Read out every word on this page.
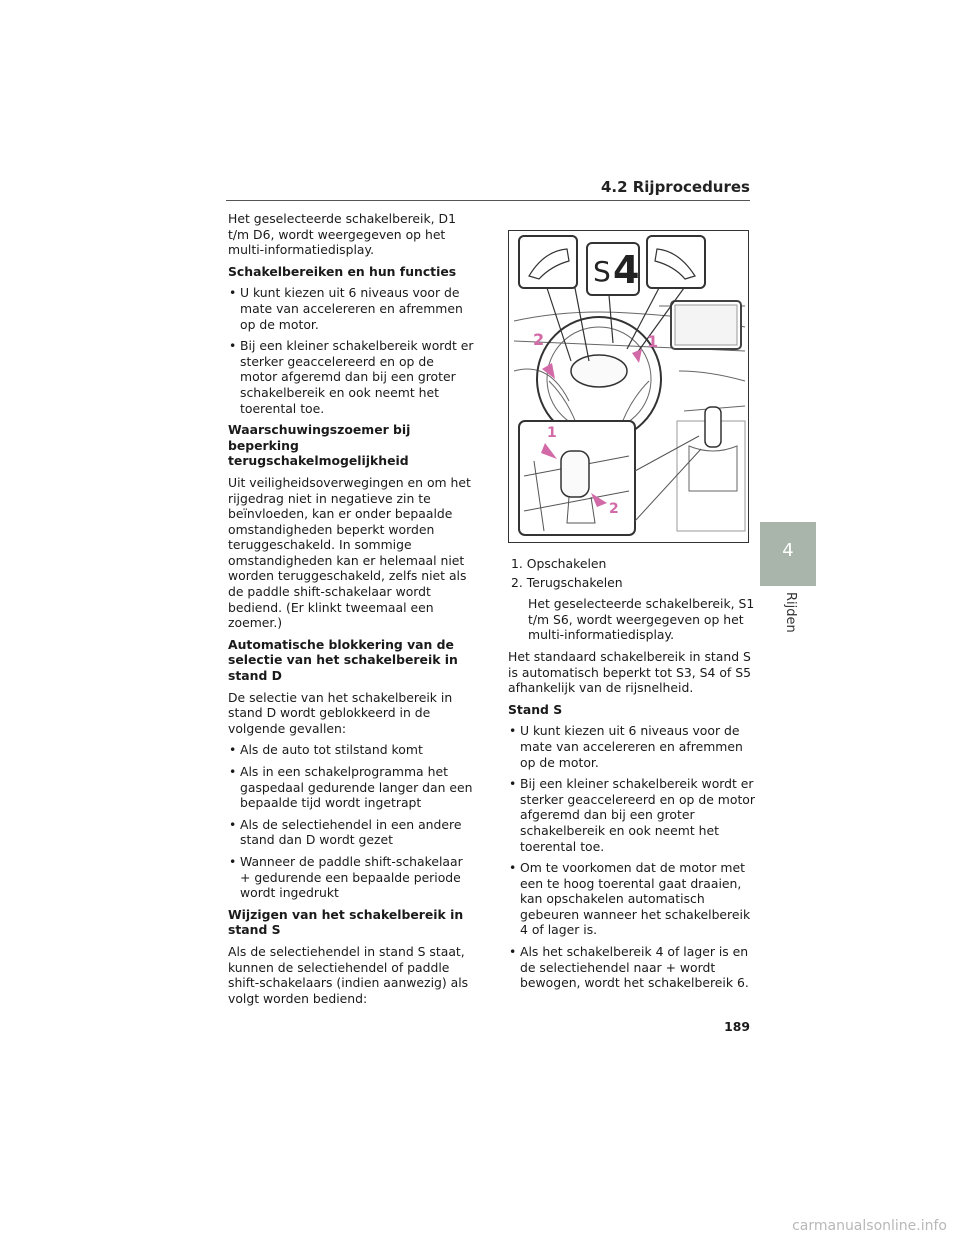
4.2 Rijprocedures

Het geselecteerde schakelbereik, D1 t/m D6, wordt weergegeven op het multi-informatiedisplay.

Schakelbereiken en hun functies
• U kunt kiezen uit 6 niveaus voor de mate van accelereren en afremmen op de motor.
• Bij een kleiner schakelbereik wordt er sterker geaccelereerd en op de motor afgeremd dan bij een groter schakelbereik en ook neemt het toerental toe.
Waarschuwingszoemer bij beperking terugschakelmogelijkheid

Uit veiligheidsoverwegingen en om het rijgedrag niet in negatieve zin te beïnvloeden, kan er onder bepaalde omstandigheden beperkt worden teruggeschakeld. In sommige omstandigheden kan er helemaal niet worden teruggeschakeld, zelfs niet als de paddle shift-schakelaar wordt bediend. (Er klinkt tweemaal een zoemer.)

Automatische blokkering van de selectie van het schakelbereik in stand D

De selectie van het schakelbereik in stand D wordt geblokkeerd in de volgende gevallen:

• Als de auto tot stilstand komt
• Als in een schakelprogramma het gaspedaal gedurende langer dan een bepaalde tijd wordt ingetrapt
• Als de selectiehendel in een andere stand dan D wordt gezet
• Wanneer de paddle shift-schakelaar + gedurende een bepaalde periode wordt ingedrukt
Wijzigen van het schakelbereik in stand S

Als de selectiehendel in stand S staat, kunnen de selectiehendel of paddle shift-schakelaars (indien aanwezig) als volgt worden bediend:

S 4
2	1
1
2
1. Opschakelen
2. Terugschakelen

Het geselecteerde schakelbereik, S1 t/m S6, wordt weergegeven op het multi-informatiedisplay.

Het standaard schakelbereik in stand S is automatisch beperkt tot S3, S4 of S5 afhankelijk van de rijsnelheid.

Stand S
• U kunt kiezen uit 6 niveaus voor de mate van accelereren en afremmen op de motor.
• Bij een kleiner schakelbereik wordt er sterker geaccelereerd en op de motor afgeremd dan bij een groter schakelbereik en ook neemt het toerental toe.
• Om te voorkomen dat de motor met een te hoog toerental gaat draaien, kan opschakelen automatisch gebeuren wanneer het schakelbereik 4 of lager is.
• Als het schakelbereik 4 of lager is en de selectiehendel naar + wordt bewogen, wordt het schakelbereik 6.
4
Rijden
189
carmanualsonline.info
